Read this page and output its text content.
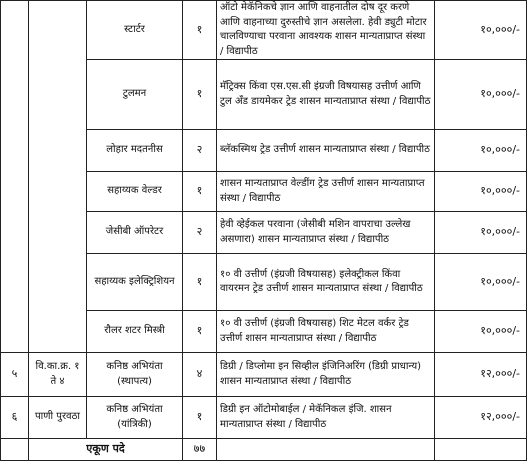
		स्टार्टर	१	ऑटो मेकॅनिकचे ज्ञान आणि वाहनातील दोष दूर करणे आणि वाहनाच्या दुरुस्तीचे ज्ञान असलेला. हेवी ड्युटी मोटार चालविण्याचा परवाना आवश्यक शासन मान्यताप्राप्त संस्था / विद्यापीठ	१०,०००/-
		टुलमन	१	मॅट्रिक्स किंवा एस.एस.सी इंग्रजी विषयासह उत्तीर्ण आणि टुल अँड डायमेकर ट्रेड शासन मान्यताप्राप्त संस्था / विद्यापीठ	१०,०००/-
		लोहार मदतनीस	२	ब्लॅकस्मिथ ट्रेड उत्तीर्ण शासन मान्यताप्राप्त संस्था / विद्यापीठ	१०,०००/-
		सहाय्यक वेल्डर	१	शासन मान्यताप्राप्त वेल्डींग ट्रेड उत्तीर्ण शासन मान्यताप्राप्त संस्था / विद्यापीठ	१०,०००/-
		जेसीबी ऑपरेटर	२	हेवी व्हेईकल परवाना (जेसीबी मशिन वापराचा उल्लेख असणारा) शासन मान्यताप्राप्त संस्था / विद्यापीठ	१०,०००/-
		सहाय्यक इलेक्ट्रिशियन	१	१० वी उत्तीर्ण (इंग्रजी विषयासह) इलेक्ट्रीकल किंवा वायरमन ट्रेड उत्तीर्ण शासन मान्यताप्राप्त संस्था / विद्यापीठ	१०,०००/-
		रौलर शटर मिस्त्री	१	१० वी उत्तीर्ण (इंग्रजी विषयासह) शिट मेटल वर्कर ट्रेड उत्तीर्ण शासन मान्यताप्राप्त संस्था / विद्यापीठ	१०,०००/-
५	वि.का.क्र. १ ते ४	कनिष्ठ अभियंता (स्थापत्य)	४	डिग्री / डिप्लोमा इन सिव्हील इंजिनिअरिंग (डिग्री प्राधान्य) शासन मान्यताप्राप्त संस्था / विद्यापीठ	१२,०००/-
६	पाणी पुरवठा	कनिष्ठ अभियंता (यांत्रिकी)	१	डिग्री इन ऑटोमोबाईल / मेकॅनिकल इंजि. शासन मान्यताप्राप्त संस्था / विद्यापीठ	१२,०००/-
	एकूण पदे		७७		
